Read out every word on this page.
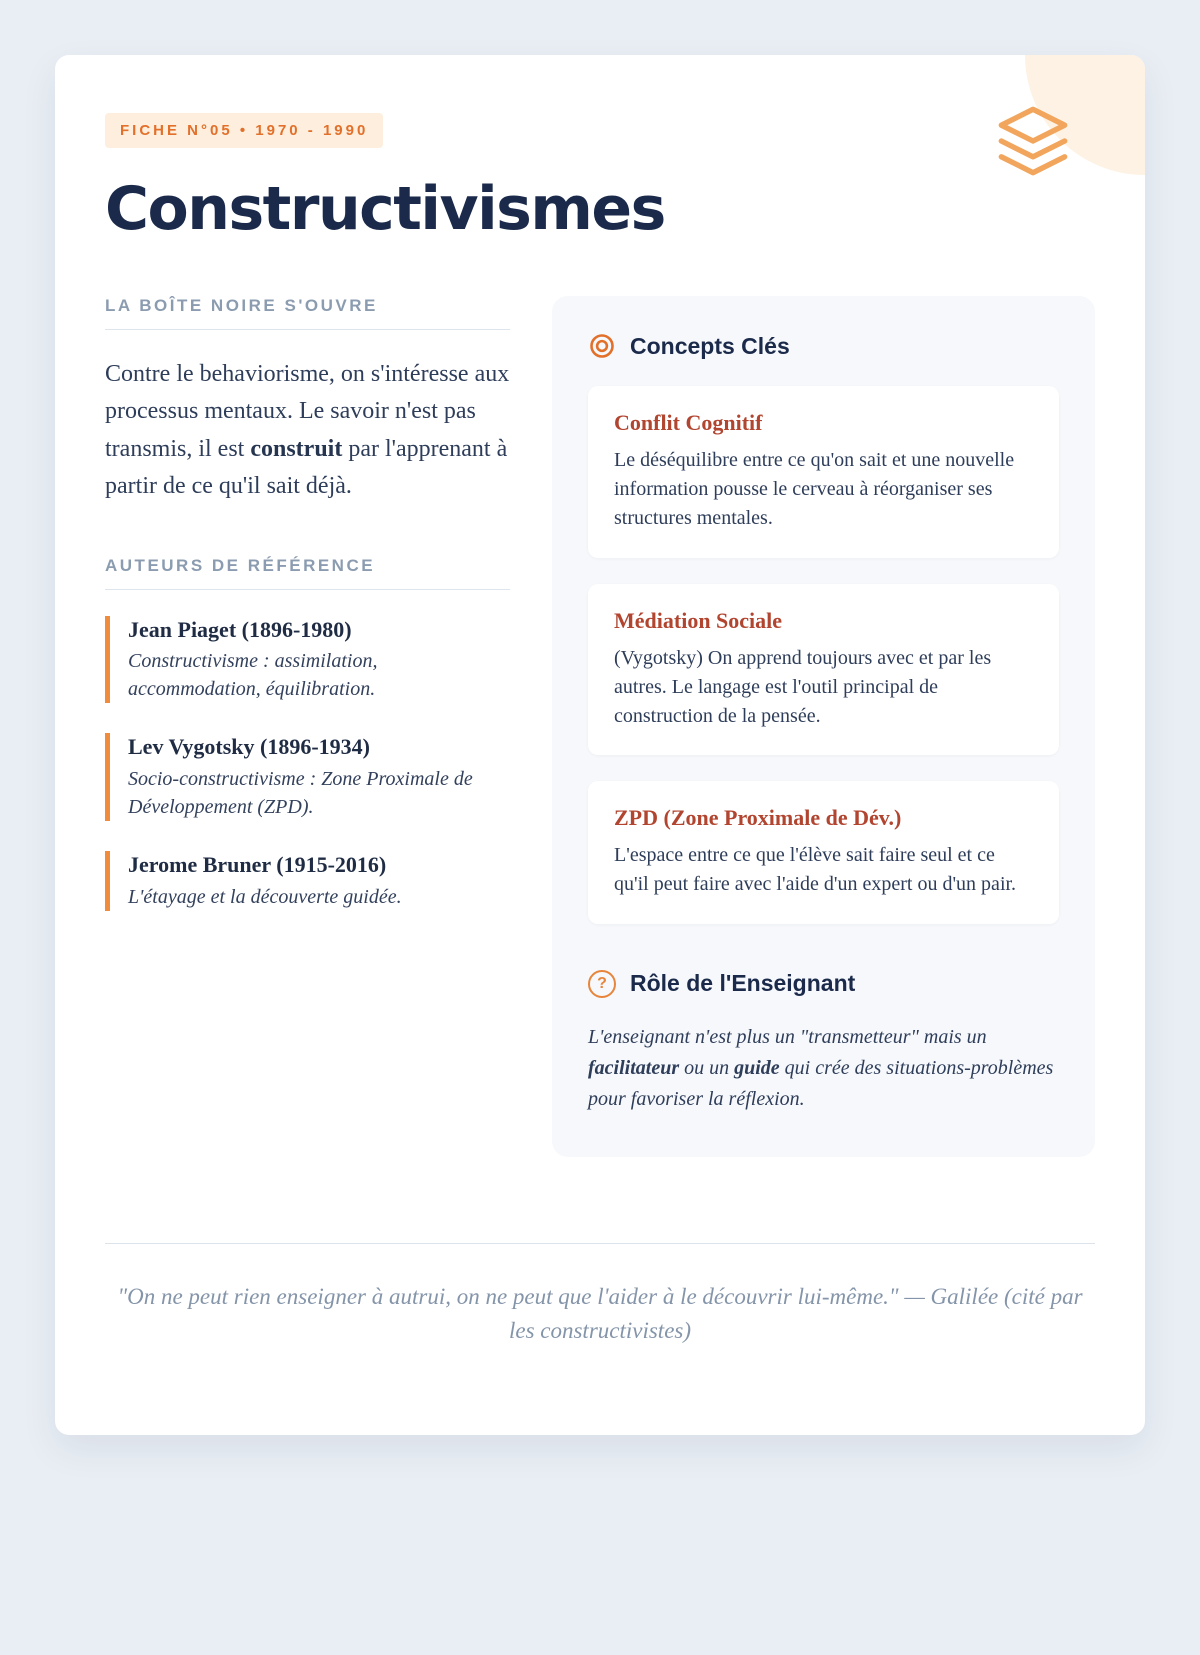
FICHE N°05 • 1970 - 1990
Constructivismes
LA BOÎTE NOIRE S'OUVRE

Contre le behaviorisme, on s'intéresse aux processus mentaux. Le savoir n'est pas transmis, il est construit par l'apprenant à partir de ce qu'il sait déjà.

AUTEURS DE RÉFÉRENCE
Jean Piaget (1896-1980)
Constructivisme : assimilation, accommodation, équilibration.
Lev Vygotsky (1896-1934)
Socio-constructivisme : Zone Proximale de Développement (ZPD).
Jerome Bruner (1915-2016)
L'étayage et la découverte guidée.
Concepts Clés
Conflit Cognitif
Le déséquilibre entre ce qu'on sait et une nouvelle information pousse le cerveau à réorganiser ses structures mentales.
Médiation Sociale
(Vygotsky) On apprend toujours avec et par les autres. Le langage est l'outil principal de construction de la pensée.
ZPD (Zone Proximale de Dév.)
L'espace entre ce que l'élève sait faire seul et ce qu'il peut faire avec l'aide d'un expert ou d'un pair.
?	Rôle de l'Enseignant

L'enseignant n'est plus un "transmetteur" mais un facilitateur ou un guide qui crée des situations-problèmes pour favoriser la réflexion.

"On ne peut rien enseigner à autrui, on ne peut que l'aider à le découvrir lui-même." — Galilée (cité par les constructivistes)
